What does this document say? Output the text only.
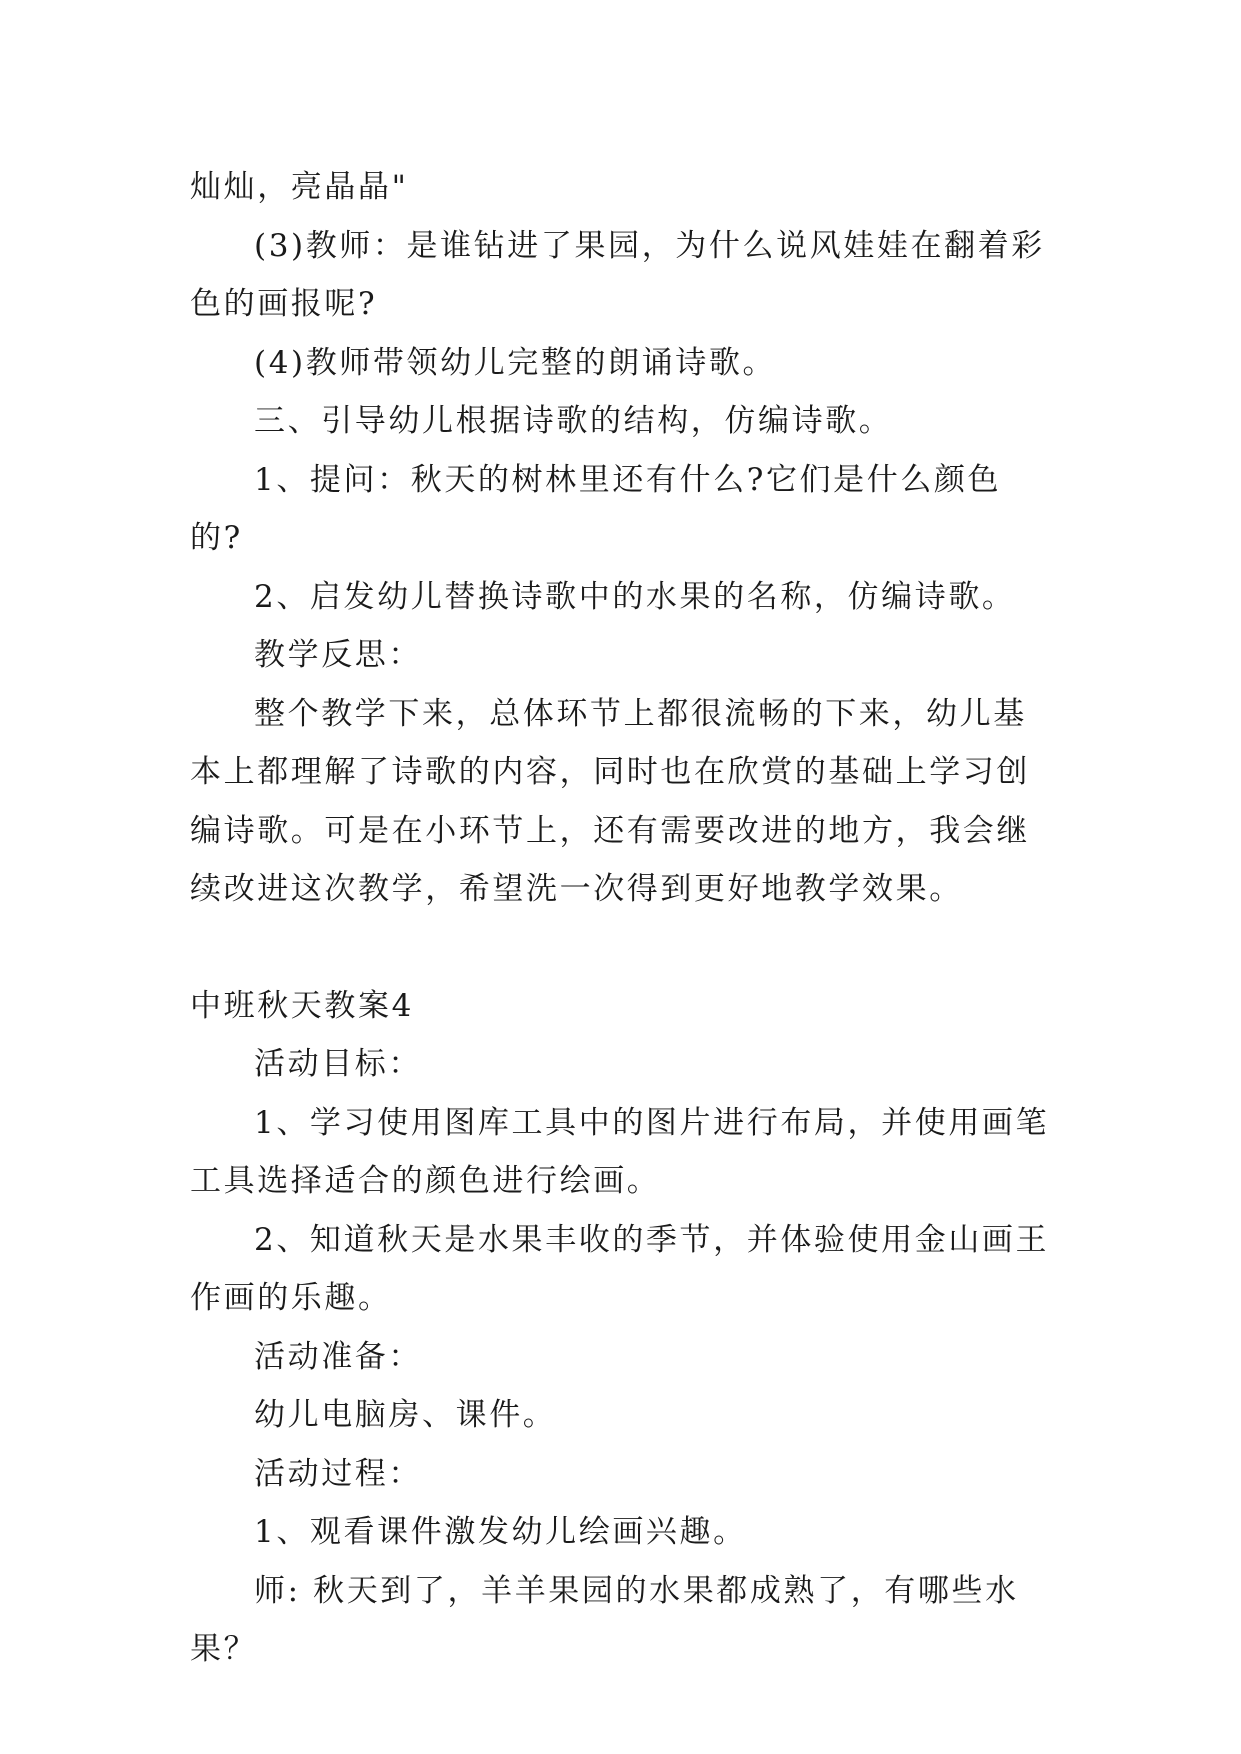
灿灿，亮晶晶"

(3)教师：是谁钻进了果园，为什么说风娃娃在翻着彩色的画报呢?

(4)教师带领幼儿完整的朗诵诗歌。

三、引导幼儿根据诗歌的结构，仿编诗歌。

1、提问：秋天的树林里还有什么?它们是什么颜色的?

2、启发幼儿替换诗歌中的水果的名称，仿编诗歌。

教学反思：

整个教学下来，总体环节上都很流畅的下来，幼儿基本上都理解了诗歌的内容，同时也在欣赏的基础上学习创编诗歌。可是在小环节上，还有需要改进的地方，我会继续改进这次教学，希望洗一次得到更好地教学效果。

中班秋天教案4

活动目标：

1、学习使用图库工具中的图片进行布局，并使用画笔工具选择适合的颜色进行绘画。

2、知道秋天是水果丰收的季节，并体验使用金山画王作画的乐趣。

活动准备：

幼儿电脑房、课件。

活动过程：

1、观看课件激发幼儿绘画兴趣。

师: 秋天到了，羊羊果园的水果都成熟了，有哪些水果？
